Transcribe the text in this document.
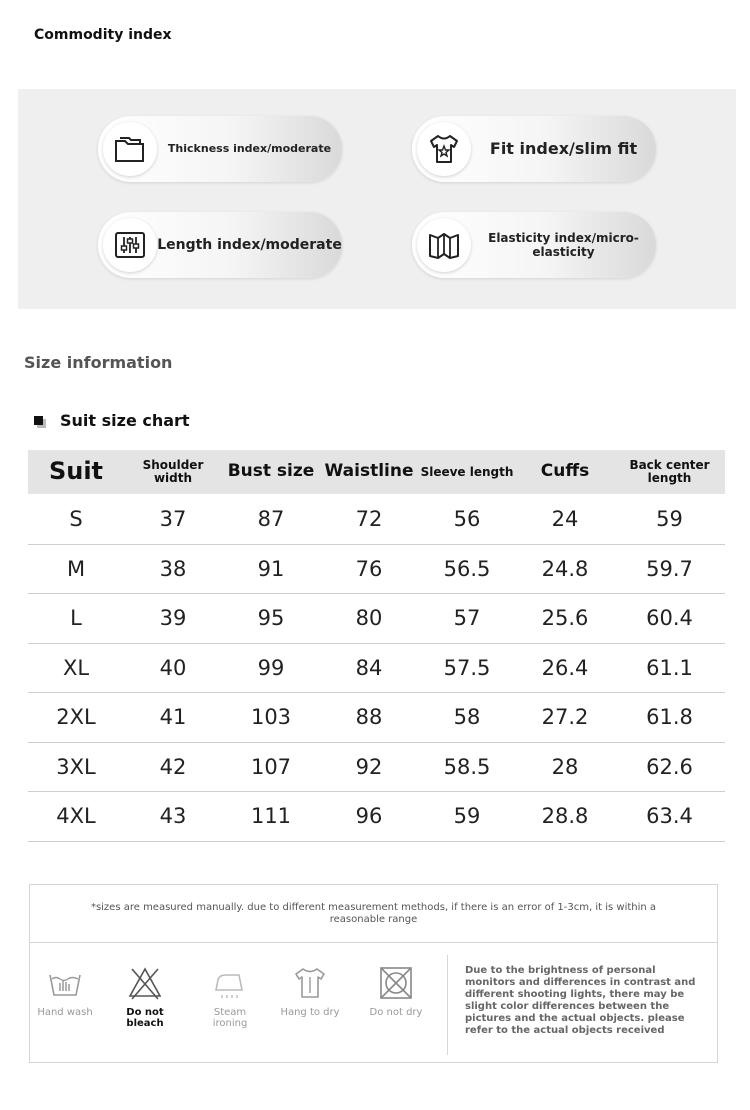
Commodity index
Thickness index/moderate	Fit index/slim fit
Length index/moderate	Elasticity index/micro-elasticity
Size information
Suit size chart
Suit	Shoulder width	Bust size	Waistline	Sleeve length	Cuffs	Back center length
S	37	87	72	56	24	59
M	38	91	76	56.5	24.8	59.7
L	39	95	80	57	25.6	60.4
XL	40	99	84	57.5	26.4	61.1
2XL	41	103	88	58	27.2	61.8
3XL	42	107	92	58.5	28	62.6
4XL	43	111	96	59	28.8	63.4
*sizes are measured manually. due to different measurement methods, if there is an error of 1-3cm, it is within a reasonable range
Hand wash	Do not bleach
Steam ironing
Hang to dry	Do not dry
Due to the brightness of personal monitors and differences in contrast and different shooting lights, there may be slight color differences between the pictures and the actual objects. please refer to the actual objects received
